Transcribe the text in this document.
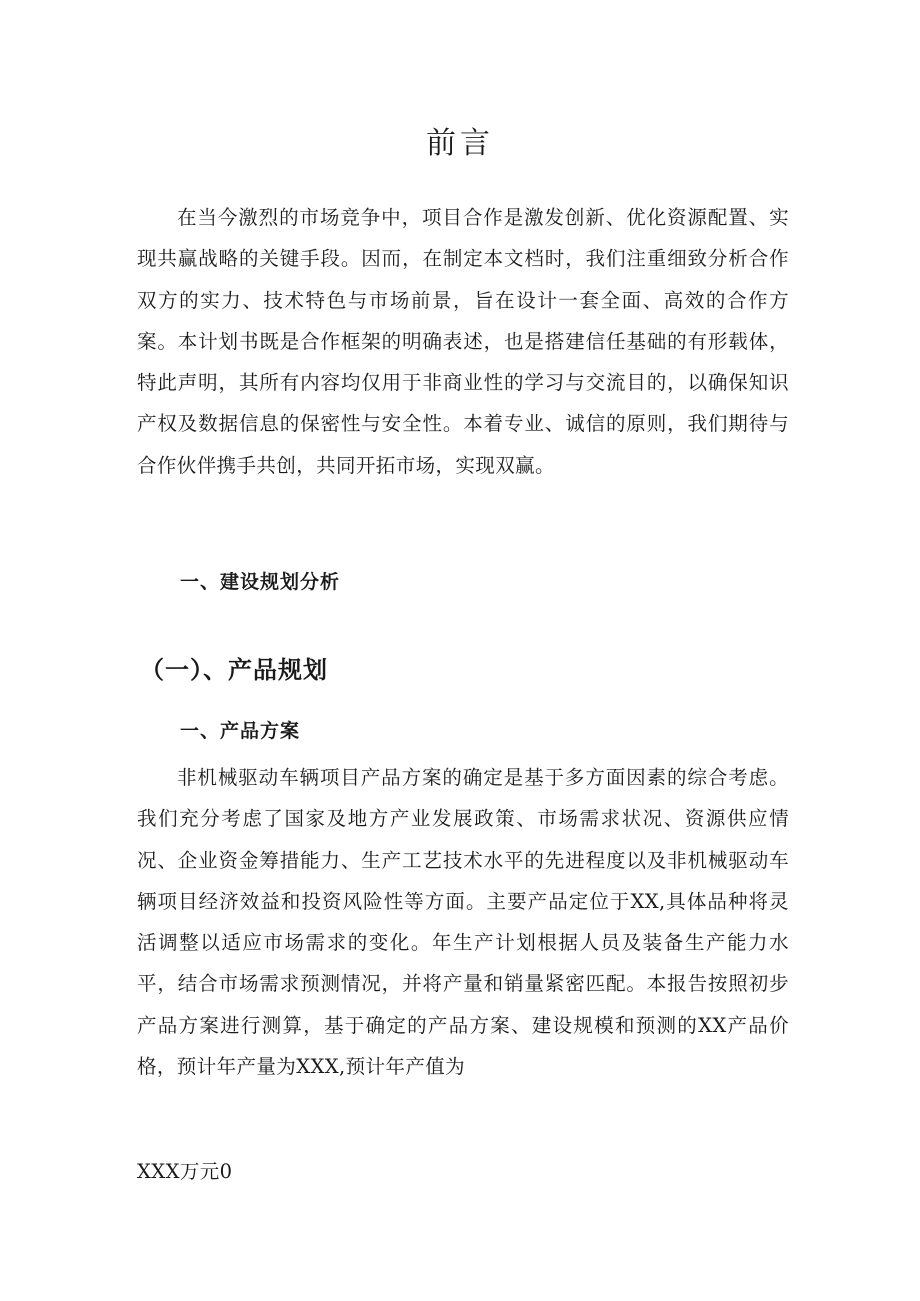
前言

在当今激烈的市场竞争中，项目合作是激发创新、优化资源配置、实现共赢战略的关键手段。因而，在制定本文档时，我们注重细致分析合作双方的实力、技术特色与市场前景，旨在设计一套全面、高效的合作方案。本计划书既是合作框架的明确表述，也是搭建信任基础的有形载体，特此声明，其所有内容均仅用于非商业性的学习与交流目的，以确保知识产权及数据信息的保密性与安全性。本着专业、诚信的原则，我们期待与合作伙伴携手共创，共同开拓市场，实现双赢。

一、建设规划分析
（一）、产品规划
一、产品方案

非机械驱动车辆项目产品方案的确定是基于多方面因素的综合考虑。我们充分考虑了国家及地方产业发展政策、市场需求状况、资源供应情况、企业资金筹措能力、生产工艺技术水平的先进程度以及非机械驱动车辆项目经济效益和投资风险性等方面。主要产品定位于XX,具体品种将灵活调整以适应市场需求的变化。年生产计划根据人员及装备生产能力水平，结合市场需求预测情况，并将产量和销量紧密匹配。本报告按照初步产品方案进行测算，基于确定的产品方案、建设规模和预测的XX产品价格，预计年产量为XXX,预计年产值为

XXX万元0
